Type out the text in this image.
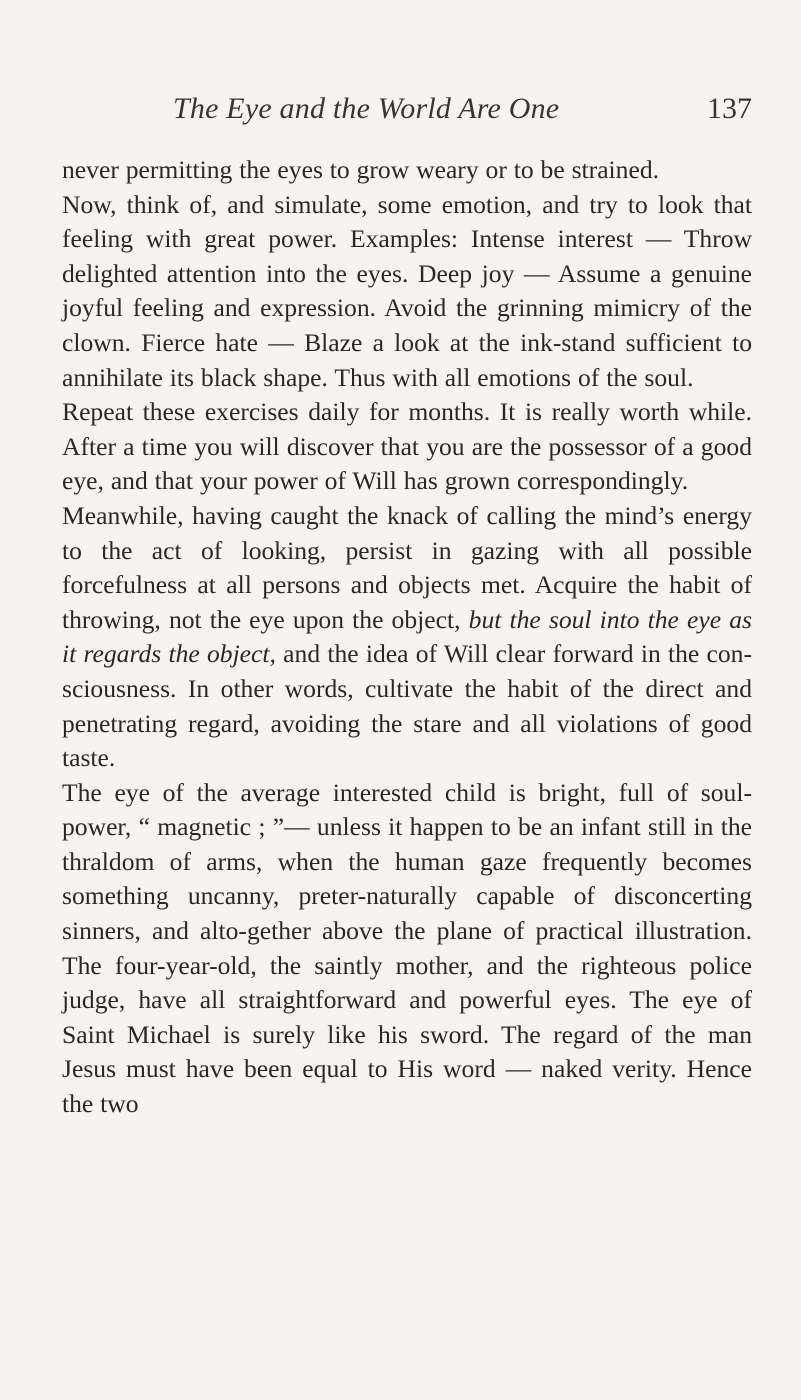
The Eye and the World Are One	137

never permitting the eyes to grow weary or to be strained.

Now, think of, and simulate, some emotion, and try to look that feeling with great power. Examples: Intense interest — Throw delighted attention into the eyes. Deep joy — Assume a genuine joyful feeling and expression. Avoid the grinning mimicry of the clown. Fierce hate — Blaze a look at the ink-stand sufficient to annihilate its black shape. Thus with all emotions of the soul.

Repeat these exercises daily for months. It is really worth while. After a time you will discover that you are the possessor of a good eye, and that your power of Will has grown correspondingly.

Meanwhile, having caught the knack of calling the mind’s energy to the act of looking, persist in gazing with all possible forcefulness at all persons and objects met. Acquire the habit of throwing, not the eye upon the object, but the soul into the eye as it regards the object, and the idea of Will clear forward in the con-sciousness. In other words, cultivate the habit of the direct and penetrating regard, avoiding the stare and all violations of good taste.

The eye of the average interested child is bright, full of soul-power, “ magnetic ; ”— unless it happen to be an infant still in the thraldom of arms, when the human gaze frequently becomes something uncanny, preter-naturally capable of disconcerting sinners, and alto-gether above the plane of practical illustration. The four-year-old, the saintly mother, and the righteous police judge, have all straightforward and powerful eyes. The eye of Saint Michael is surely like his sword. The regard of the man Jesus must have been equal to His word — naked verity. Hence the two
